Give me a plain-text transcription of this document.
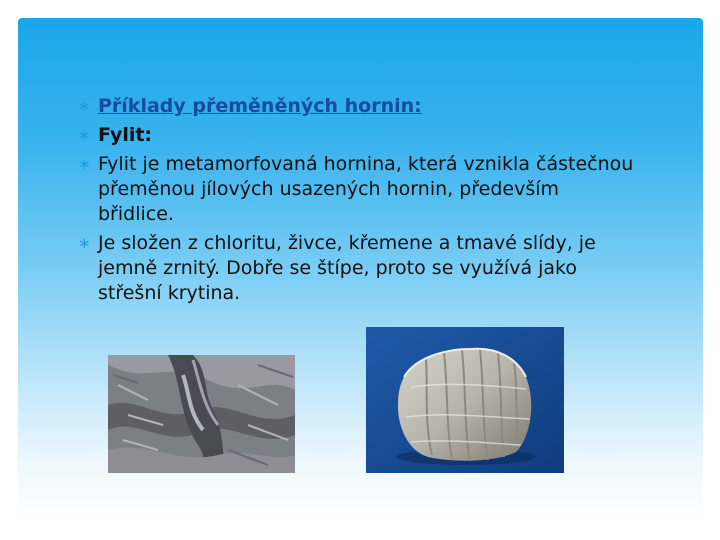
∗ Příklady přeměněných hornin:
∗ Fylit:
∗ Fylit je metamorfovaná hornina, která vznikla částečnou přeměnou jílových usazených hornin, především břidlice.
∗ Je složen z chloritu, živce, křemene a tmavé slídy, je jemně zrnitý. Dobře se štípe, proto se využívá jako střešní krytina.
